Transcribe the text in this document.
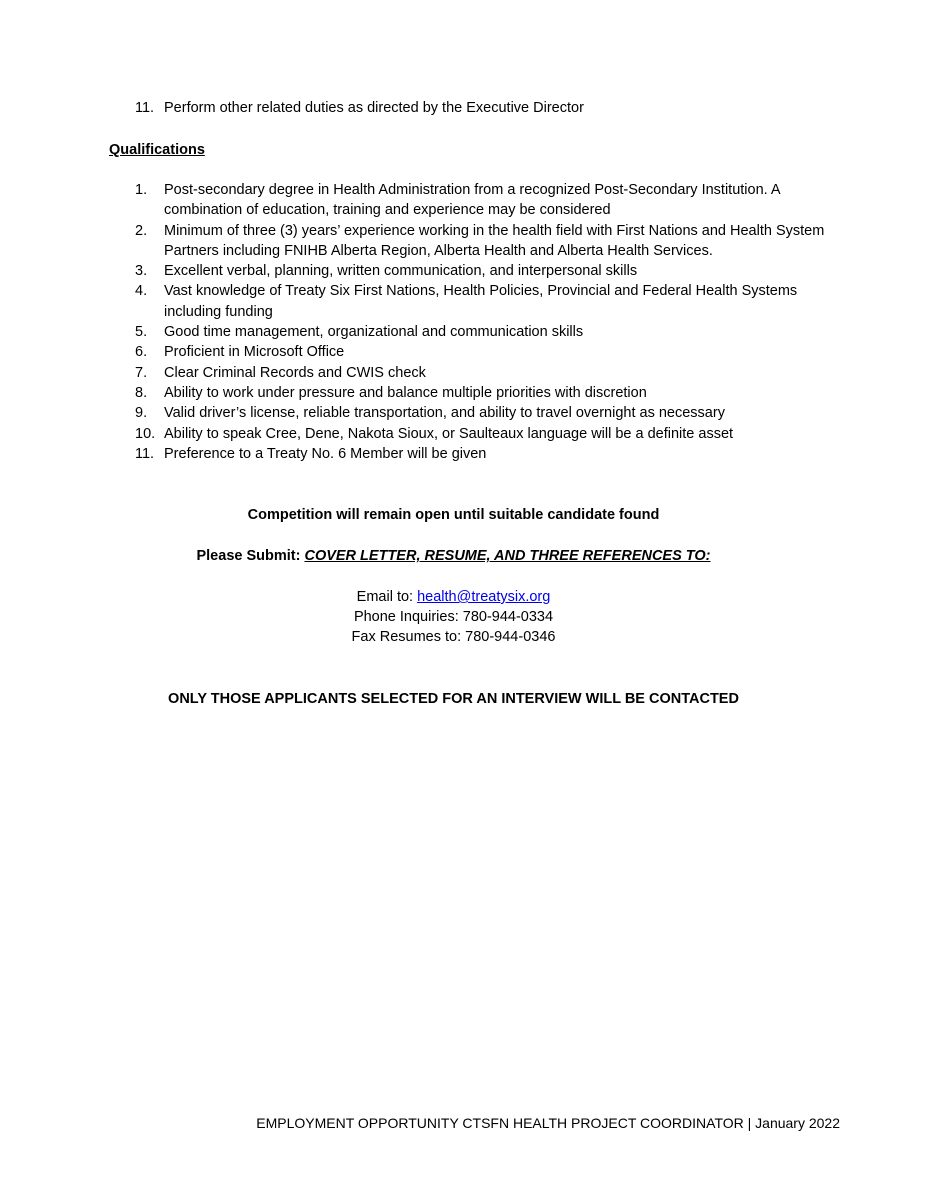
11. Perform other related duties as directed by the Executive Director
Qualifications
1.	Post-secondary degree in Health Administration from a recognized Post-Secondary Institution. A combination of education, training and experience may be considered
2.	Minimum of three (3) years’ experience working in the health field with First Nations and Health System Partners including FNIHB Alberta Region, Alberta Health and Alberta Health Services.
3.	Excellent verbal, planning, written communication, and interpersonal skills
4.	Vast knowledge of Treaty Six First Nations, Health Policies, Provincial and Federal Health Systems including funding
5.	Good time management, organizational and communication skills
6.	Proficient in Microsoft Office
7.	Clear Criminal Records and CWIS check
8.	Ability to work under pressure and balance multiple priorities with discretion
9.	Valid driver’s license, reliable transportation, and ability to travel overnight as necessary
10. Ability to speak Cree, Dene, Nakota Sioux, or Saulteaux language will be a definite asset
11. Preference to a Treaty No. 6 Member will be given
Competition will remain open until suitable candidate found
Please Submit: COVER LETTER, RESUME, AND THREE REFERENCES TO:
Email to: health@treatysix.org
Phone Inquiries: 780-944-0334
Fax Resumes to: 780-944-0346
ONLY THOSE APPLICANTS SELECTED FOR AN INTERVIEW WILL BE CONTACTED
EMPLOYMENT OPPORTUNITY CTSFN HEALTH PROJECT COORDINATOR | January 2022
